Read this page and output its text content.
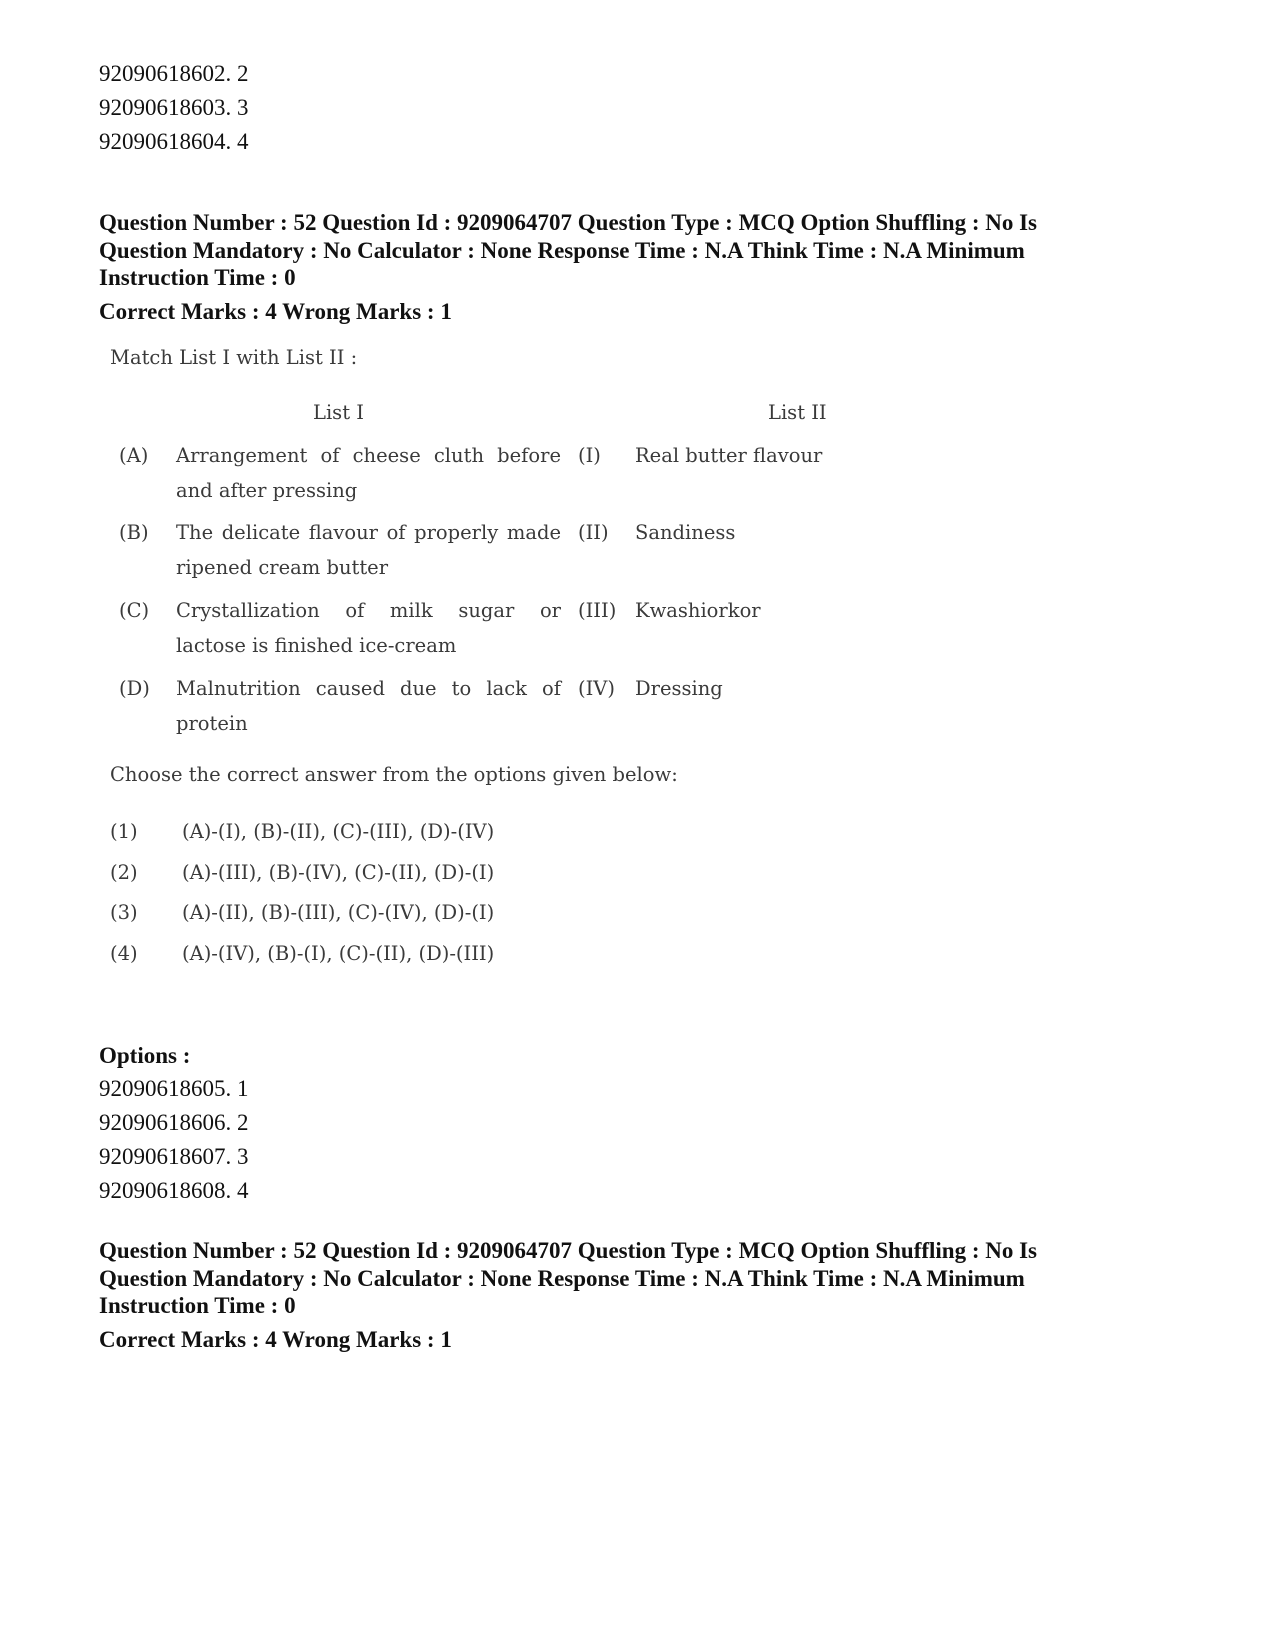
92090618602. 2
92090618603. 3
92090618604. 4
Question Number : 52 Question Id : 9209064707 Question Type : MCQ Option Shuffling : No Is
Question Mandatory : No Calculator : None Response Time : N.A Think Time : N.A Minimum
Instruction Time : 0
Correct Marks : 4 Wrong Marks : 1
Match List I with List II :
List I	List II
(A) Arrangement of cheese cluth before
and after pressing
(I) Real butter flavour
(B) The delicate flavour of properly made
ripened cream butter
(II) Sandiness
(C) Crystallization of milk sugar or
lactose is finished ice-cream
(III) Kwashiorkor
(D) Malnutrition caused due to lack of
protein
(IV) Dressing
Choose the correct answer from the options given below:
(1) (A)-(I), (B)-(II), (C)-(III), (D)-(IV)
(2) (A)-(III), (B)-(IV), (C)-(II), (D)-(I)
(3) (A)-(II), (B)-(III), (C)-(IV), (D)-(I)
(4) (A)-(IV), (B)-(I), (C)-(II), (D)-(III)
Options :
92090618605. 1
92090618606. 2
92090618607. 3
92090618608. 4
Question Number : 52 Question Id : 9209064707 Question Type : MCQ Option Shuffling : No Is
Question Mandatory : No Calculator : None Response Time : N.A Think Time : N.A Minimum
Instruction Time : 0
Correct Marks : 4 Wrong Marks : 1
